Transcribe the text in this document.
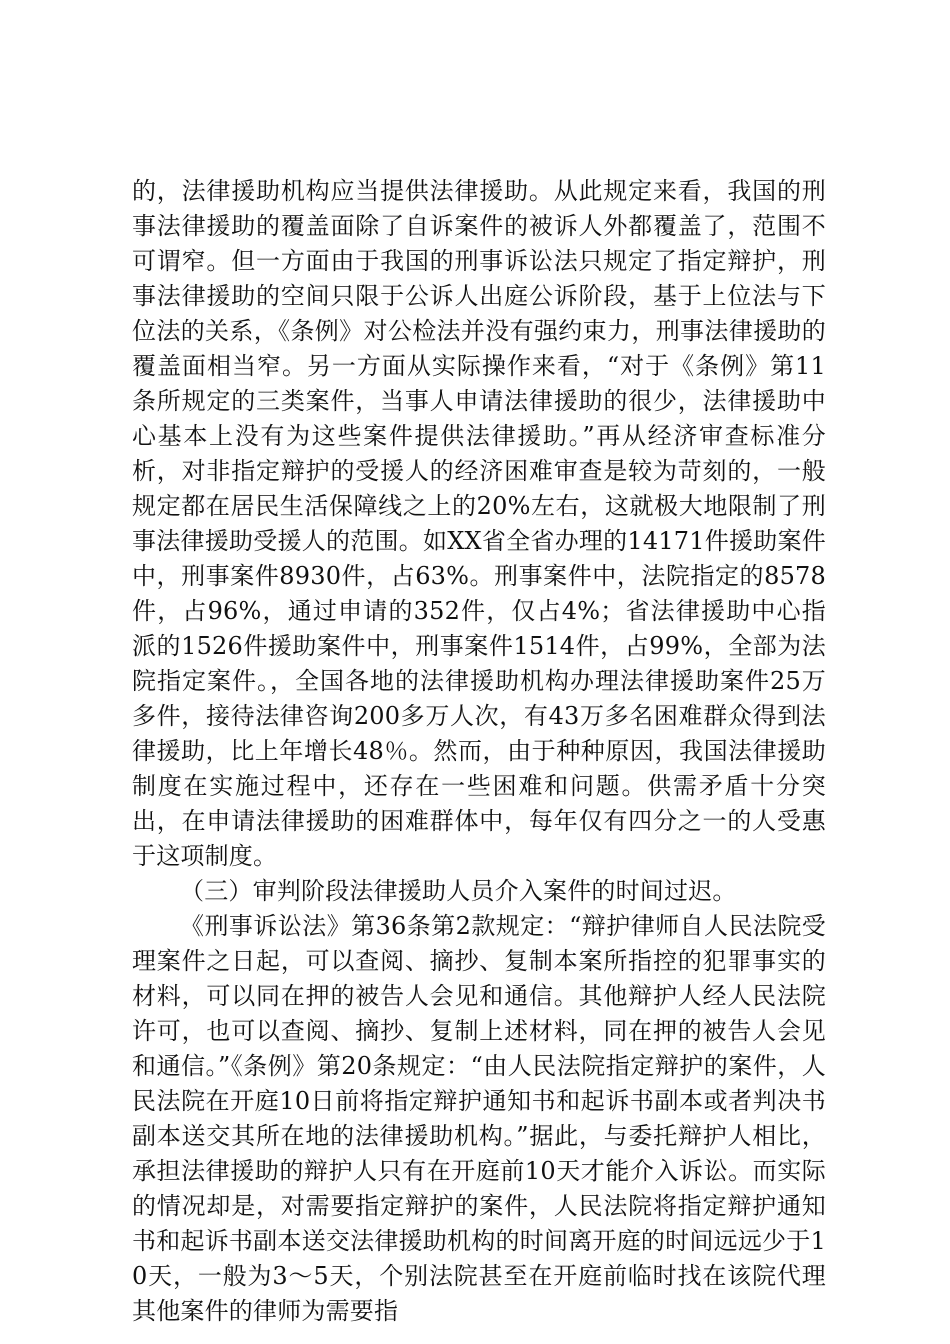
的，法律援助机构应当提供法律援助。从此规定来看，我国的刑事法律援助的覆盖面除了自诉案件的被诉人外都覆盖了，范围不可谓窄。但一方面由于我国的刑事诉讼法只规定了指定辩护，刑事法律援助的空间只限于公诉人出庭公诉阶段，基于上位法与下位法的关系，《条例》对公检法并没有强约束力，刑事法律援助的覆盖面相当窄。另一方面从实际操作来看，“对于《条例》第11条所规定的三类案件，当事人申请法律援助的很少，法律援助中心基本上没有为这些案件提供法律援助。”再从经济审查标准分析，对非指定辩护的受援人的经济困难审查是较为苛刻的，一般规定都在居民生活保障线之上的20%左右，这就极大地限制了刑事法律援助受援人的范围。如XX省全省办理的14171件援助案件中，刑事案件8930件，占63%。刑事案件中，法院指定的8578件，占96%，通过申请的352件，仅占4%；省法律援助中心指派的1526件援助案件中，刑事案件1514件，占99%，全部为法院指定案件。，全国各地的法律援助机构办理法律援助案件25万多件，接待法律咨询200多万人次，有43万多名困难群众得到法律援助，比上年增长48％。然而，由于种种原因，我国法律援助制度在实施过程中，还存在一些困难和问题。供需矛盾十分突出，在申请法律援助的困难群体中，每年仅有四分之一的人受惠于这项制度。

（三）审判阶段法律援助人员介入案件的时间过迟。

《刑事诉讼法》第36条第2款规定：“辩护律师自人民法院受理案件之日起，可以查阅、摘抄、复制本案所指控的犯罪事实的材料，可以同在押的被告人会见和通信。其他辩护人经人民法院许可，也可以查阅、摘抄、复制上述材料，同在押的被告人会见和通信。”《条例》第20条规定：“由人民法院指定辩护的案件，人民法院在开庭10日前将指定辩护通知书和起诉书副本或者判决书副本送交其所在地的法律援助机构。”据此，与委托辩护人相比，承担法律援助的辩护人只有在开庭前10天才能介入诉讼。而实际的情况却是，对需要指定辩护的案件，人民法院将指定辩护通知书和起诉书副本送交法律援助机构的时间离开庭的时间远远少于10天，一般为3～5天，个别法院甚至在开庭前临时找在该院代理其他案件的律师为需要指
